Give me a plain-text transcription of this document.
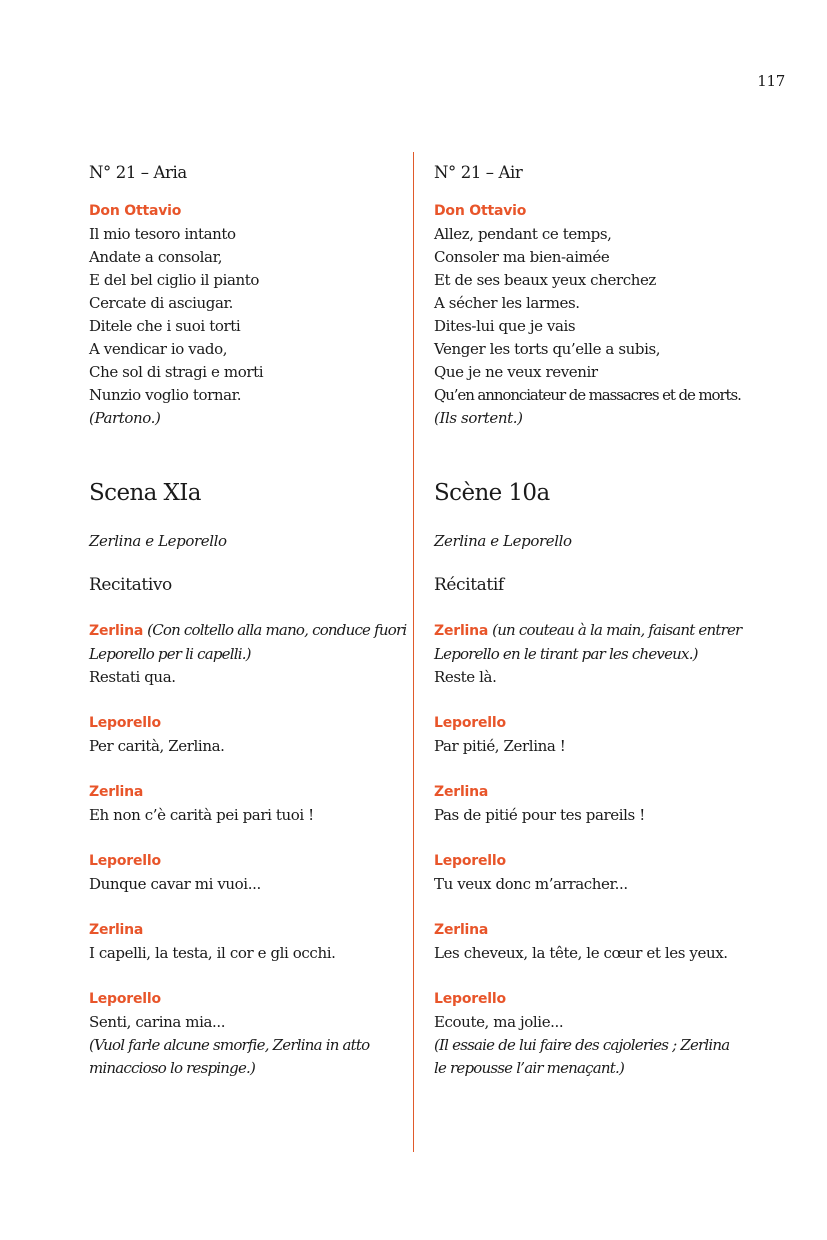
117
N° 21 – Aria
Don Ottavio
Il mio tesoro intanto
Andate a consolar,
E del bel ciglio il pianto
Cercate di asciugar.
Ditele che i suoi torti
A vendicar io vado,
Che sol di stragi e morti
Nunzio voglio tornar.
(Partono.)
Scena XIa
Zerlina e Leporello
Recitativo
Zerlina (Con coltello alla mano, conduce fuori
Leporello per li capelli.)
Restati qua.
Leporello
Per carità, Zerlina.
Zerlina
Eh non c’è carità pei pari tuoi !
Leporello
Dunque cavar mi vuoi...
Zerlina
I capelli, la testa, il cor e gli occhi.
Leporello
Senti, carina mia...
(Vuol farle alcune smorfie, Zerlina in atto
minaccioso lo respinge.)
N° 21 – Air
Don Ottavio
Allez, pendant ce temps,
Consoler ma bien-aimée
Et de ses beaux yeux cherchez
A sécher les larmes.
Dites-lui que je vais
Venger les torts qu’elle a subis,
Que je ne veux revenir
Qu’en annonciateur de massacres et de morts.
(Ils sortent.)
Scène 10a
Zerlina e Leporello
Récitatif
Zerlina (un couteau à la main, faisant entrer
Leporello en le tirant par les cheveux.)
Reste là.
Leporello
Par pitié, Zerlina !
Zerlina
Pas de pitié pour tes pareils !
Leporello
Tu veux donc m’arracher...
Zerlina
Les cheveux, la tête, le cœur et les yeux.
Leporello
Ecoute, ma jolie...
(Il essaie de lui faire des cajoleries ; Zerlina
le repousse l’air menaçant.)
